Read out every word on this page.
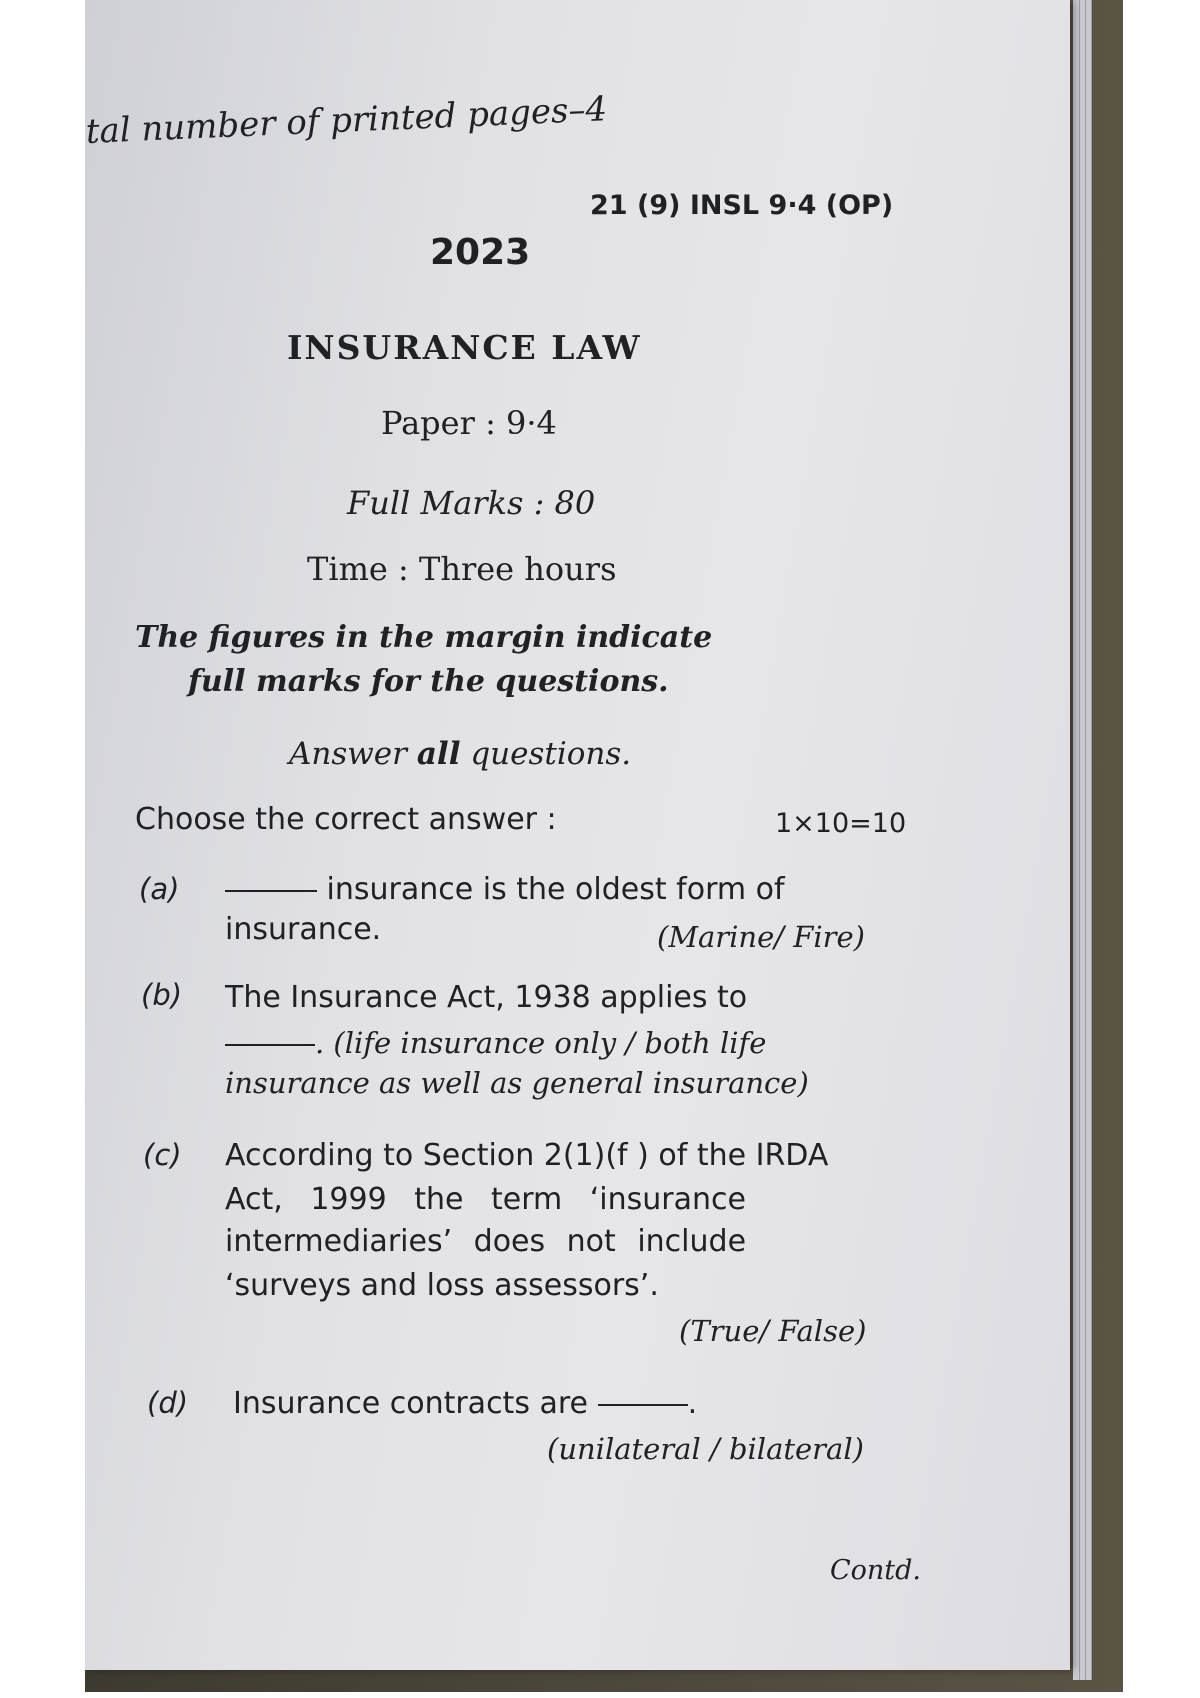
tal number of printed pages–4
21 (9) INSL 9·4 (OP)
2023
INSURANCE LAW
Paper : 9·4
Full Marks : 80
Time : Three hours
The figures in the margin indicate
full marks for the questions.
Answer all questions.
Choose the correct answer :	1×10=10
(a)	insurance is the oldest form of
insurance.	(Marine/ Fire)
(b) The Insurance Act, 1938 applies to
. (life insurance only / both life
insurance as well as general insurance)
(c) According to Section 2(1)(f ) of the IRDA
Act, 1999 the term ‘insurance
intermediaries’ does not include
‘surveys and loss assessors’.
(True/ False)
(d) Insurance contracts are	.
(unilateral / bilateral)
Contd.
